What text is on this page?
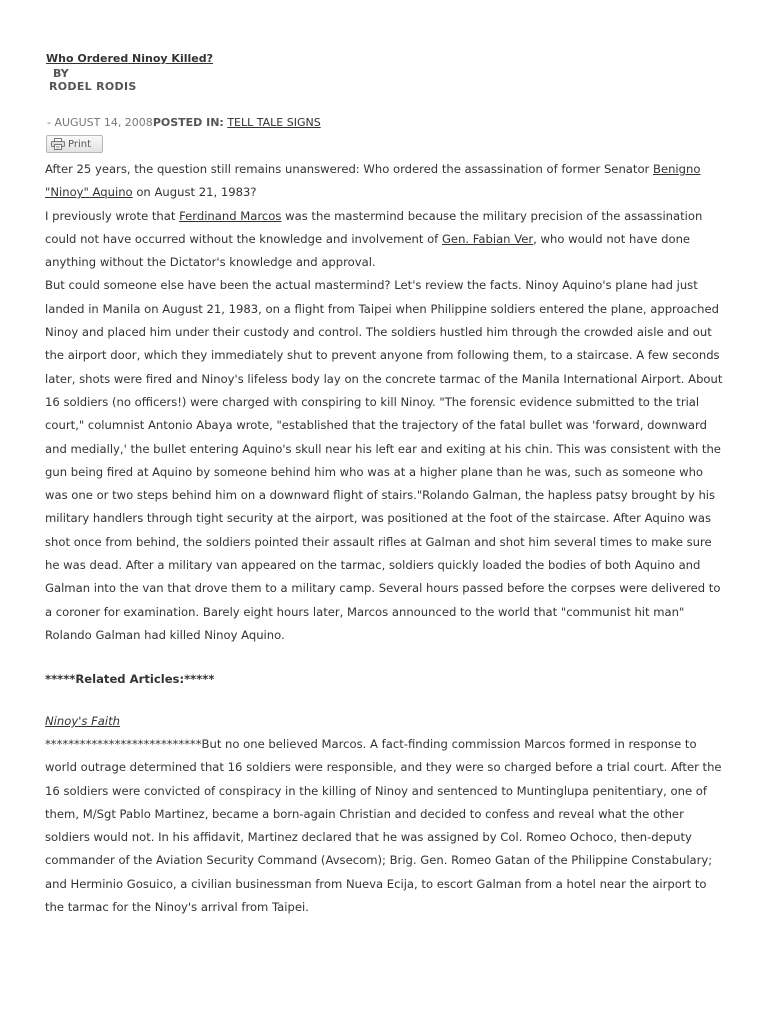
Who Ordered Ninoy Killed?
BY
RODEL RODIS
- AUGUST 14, 2008POSTED IN: TELL TALE SIGNS
Print

After 25 years, the question still remains unanswered: Who ordered the assassination of former Senator Benigno "Ninoy" Aquino on August 21, 1983?

I previously wrote that Ferdinand Marcos was the mastermind because the military precision of the assassination could not have occurred without the knowledge and involvement of Gen. Fabian Ver, who would not have done anything without the Dictator's knowledge and approval.

But could someone else have been the actual mastermind? Let's review the facts. Ninoy Aquino's plane had just landed in Manila on August 21, 1983, on a flight from Taipei when Philippine soldiers entered the plane, approached Ninoy and placed him under their custody and control. The soldiers hustled him through the crowded aisle and out the airport door, which they immediately shut to prevent anyone from following them, to a staircase. A few seconds later, shots were fired and Ninoy's lifeless body lay on the concrete tarmac of the Manila International Airport. About 16 soldiers (no officers!) were charged with conspiring to kill Ninoy. "The forensic evidence submitted to the trial court," columnist Antonio Abaya wrote, "established that the trajectory of the fatal bullet was 'forward, downward and medially,' the bullet entering Aquino's skull near his left ear and exiting at his chin. This was consistent with the gun being fired at Aquino by someone behind him who was at a higher plane than he was, such as someone who was one or two steps behind him on a downward flight of stairs."Rolando Galman, the hapless patsy brought by his military handlers through tight security at the airport, was positioned at the foot of the staircase. After Aquino was shot once from behind, the soldiers pointed their assault rifles at Galman and shot him several times to make sure he was dead. After a military van appeared on the tarmac, soldiers quickly loaded the bodies of both Aquino and Galman into the van that drove them to a military camp. Several hours passed before the corpses were delivered to a coroner for examination. Barely eight hours later, Marcos announced to the world that "communist hit man" Rolando Galman had killed Ninoy Aquino.

*****Related Articles:*****
Ninoy's Faith

***************************But no one believed Marcos. A fact-finding commission Marcos formed in response to world outrage determined that 16 soldiers were responsible, and they were so charged before a trial court. After the 16 soldiers were convicted of conspiracy in the killing of Ninoy and sentenced to Muntinglupa penitentiary, one of them, M/Sgt Pablo Martinez, became a born-again Christian and decided to confess and reveal what the other soldiers would not. In his affidavit, Martinez declared that he was assigned by Col. Romeo Ochoco, then-deputy commander of the Aviation Security Command (Avsecom); Brig. Gen. Romeo Gatan of the Philippine Constabulary; and Herminio Gosuico, a civilian businessman from Nueva Ecija, to escort Galman from a hotel near the airport to the tarmac for the Ninoy's arrival from Taipei.
